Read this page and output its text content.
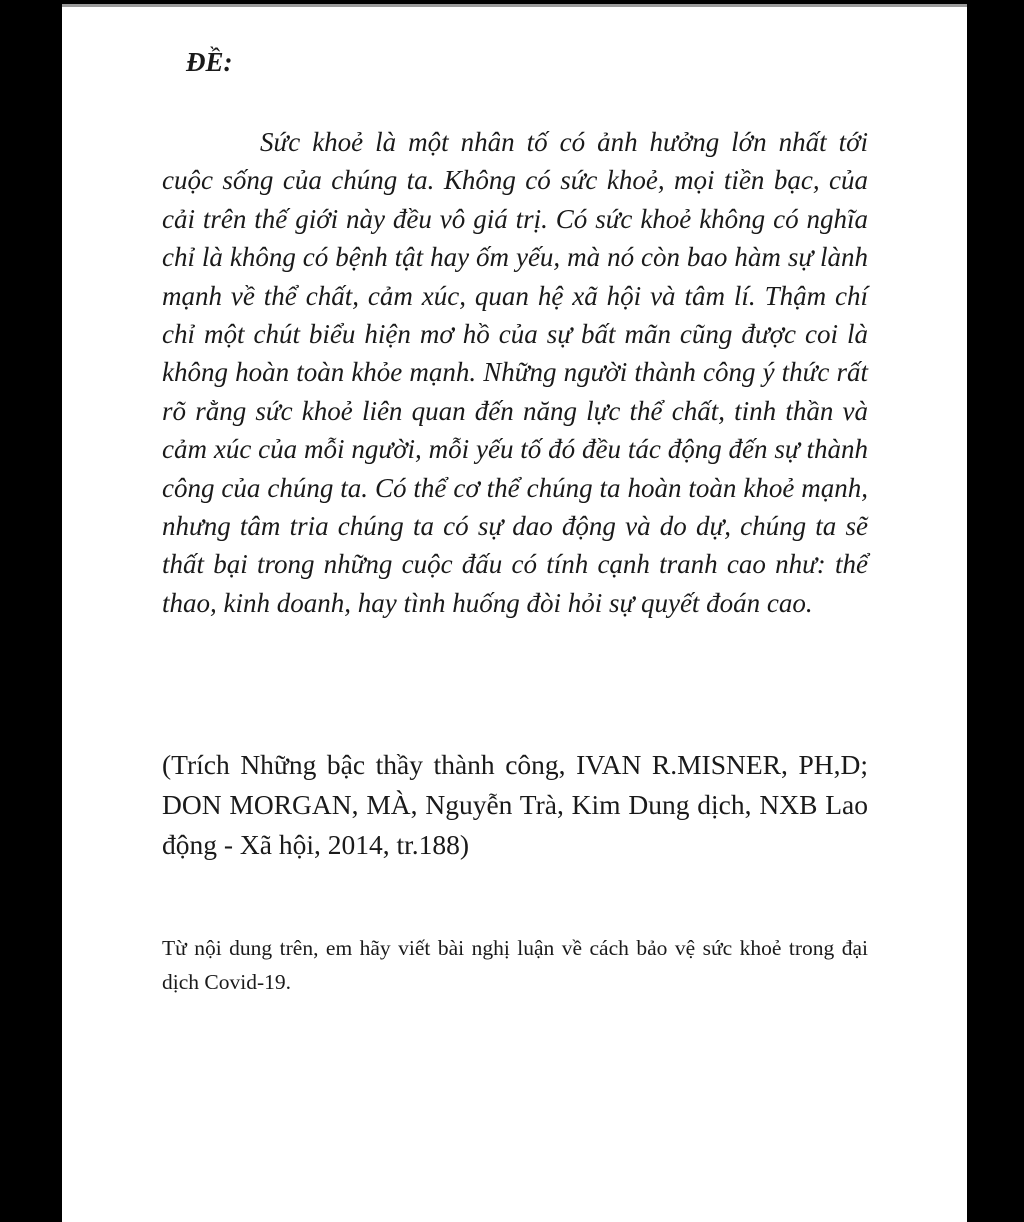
ĐỀ:

Sức khoẻ là một nhân tố có ảnh hưởng lớn nhất tới cuộc sống của chúng ta. Không có sức khoẻ, mọi tiền bạc, của cải trên thế giới này đều vô giá trị. Có sức khoẻ không có nghĩa chỉ là không có bệnh tật hay ốm yếu, mà nó còn bao hàm sự lành mạnh về thể chất, cảm xúc, quan hệ xã hội và tâm lí. Thậm chí chỉ một chút biểu hiện mơ hồ của sự bất mãn cũng được coi là không hoàn toàn khỏe mạnh. Những người thành công ý thức rất rõ rằng sức khoẻ liên quan đến năng lực thể chất, tinh thần và cảm xúc của mỗi người, mỗi yếu tố đó đều tác động đến sự thành công của chúng ta. Có thể cơ thể chúng ta hoàn toàn khoẻ mạnh, nhưng tâm tria chúng ta có sự dao động và do dự, chúng ta sẽ thất bại trong những cuộc đấu có tính cạnh tranh cao như: thể thao, kinh doanh, hay tình huống đòi hỏi sự quyết đoán cao.

(Trích Những bậc thầy thành công, IVAN R.MISNER, PH,D; DON MORGAN, MÀ, Nguyễn Trà, Kim Dung dịch, NXB Lao động - Xã hội, 2014, tr.188)

Từ nội dung trên, em hãy viết bài nghị luận về cách bảo vệ sức khoẻ trong đại dịch Covid-19.
